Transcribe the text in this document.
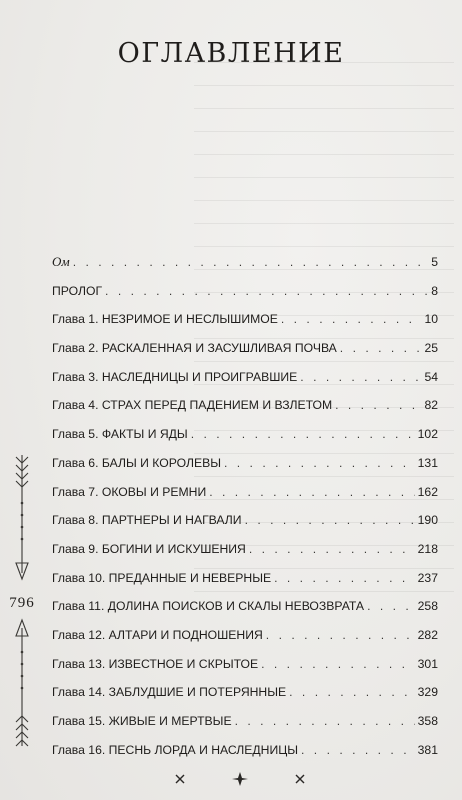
ОГЛАВЛЕНИЕ
Ом . . .	5
ПРОЛОГ . . .	8
Глава 1. НЕЗРИМОЕ И НЕСЛЫШИМОЕ . . .	10
Глава 2. РАСКАЛЕННАЯ И ЗАСУШЛИВАЯ ПОЧВА . . .	25
Глава 3. НАСЛЕДНИЦЫ И ПРОИГРАВШИЕ . . .	54
Глава 4. СТРАХ ПЕРЕД ПАДЕНИЕМ И ВЗЛЕТОМ . . .	82
Глава 5. ФАКТЫ И ЯДЫ . . .	102
Глава 6. БАЛЫ И КОРОЛЕВЫ . . .	131
Глава 7. ОКОВЫ И РЕМНИ . . .	162
Глава 8. ПАРТНЕРЫ И НАГВАЛИ . . .	190
Глава 9. БОГИНИ И ИСКУШЕНИЯ . . .	218
Глава 10. ПРЕДАННЫЕ И НЕВЕРНЫЕ . . .	237
Глава 11. ДОЛИНА ПОИСКОВ И СКАЛЫ НЕВОЗВРАТА . . .	258
Глава 12. АЛТАРИ И ПОДНОШЕНИЯ . . .	282
Глава 13. ИЗВЕСТНОЕ И СКРЫТОЕ . . .	301
Глава 14. ЗАБЛУДШИЕ И ПОТЕРЯННЫЕ . . .	329
Глава 15. ЖИВЫЕ И МЕРТВЫЕ . . .	358
Глава 16. ПЕСНЬ ЛОРДА И НАСЛЕДНИЦЫ . . .	381
796
